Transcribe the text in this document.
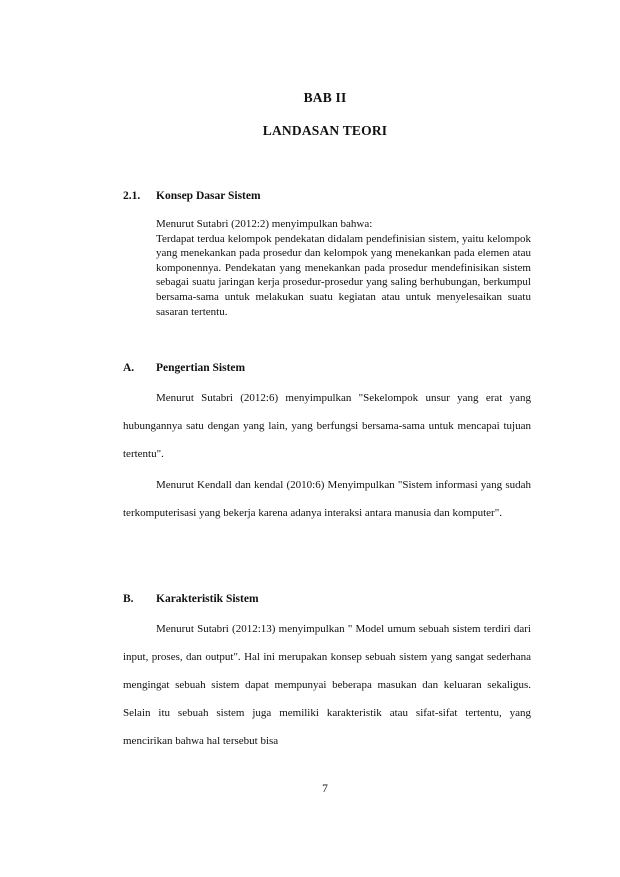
BAB II
LANDASAN TEORI
2.1. Konsep Dasar Sistem
Menurut Sutabri (2012:2) menyimpulkan bahwa:
Terdapat terdua kelompok pendekatan didalam pendefinisian sistem, yaitu kelompok yang menekankan pada prosedur dan kelompok yang menekankan pada elemen atau komponennya. Pendekatan yang menekankan pada prosedur mendefinisikan sistem sebagai suatu jaringan kerja prosedur-prosedur yang saling berhubungan, berkumpul bersama-sama untuk melakukan suatu kegiatan atau untuk menyelesaikan suatu sasaran tertentu.
A. Pengertian Sistem

Menurut Sutabri (2012:6) menyimpulkan "Sekelompok unsur yang erat yang hubungannya satu dengan yang lain, yang berfungsi bersama-sama untuk mencapai tujuan tertentu".

Menurut Kendall dan kendal (2010:6) Menyimpulkan "Sistem informasi yang sudah terkomputerisasi yang bekerja karena adanya interaksi antara manusia dan komputer".

B. Karakteristik Sistem

Menurut Sutabri (2012:13) menyimpulkan " Model umum sebuah sistem terdiri dari input, proses, dan output". Hal ini merupakan konsep sebuah sistem yang sangat sederhana mengingat sebuah sistem dapat mempunyai beberapa masukan dan keluaran sekaligus. Selain itu sebuah sistem juga memiliki karakteristik atau sifat-sifat tertentu, yang mencirikan bahwa hal tersebut bisa

7
